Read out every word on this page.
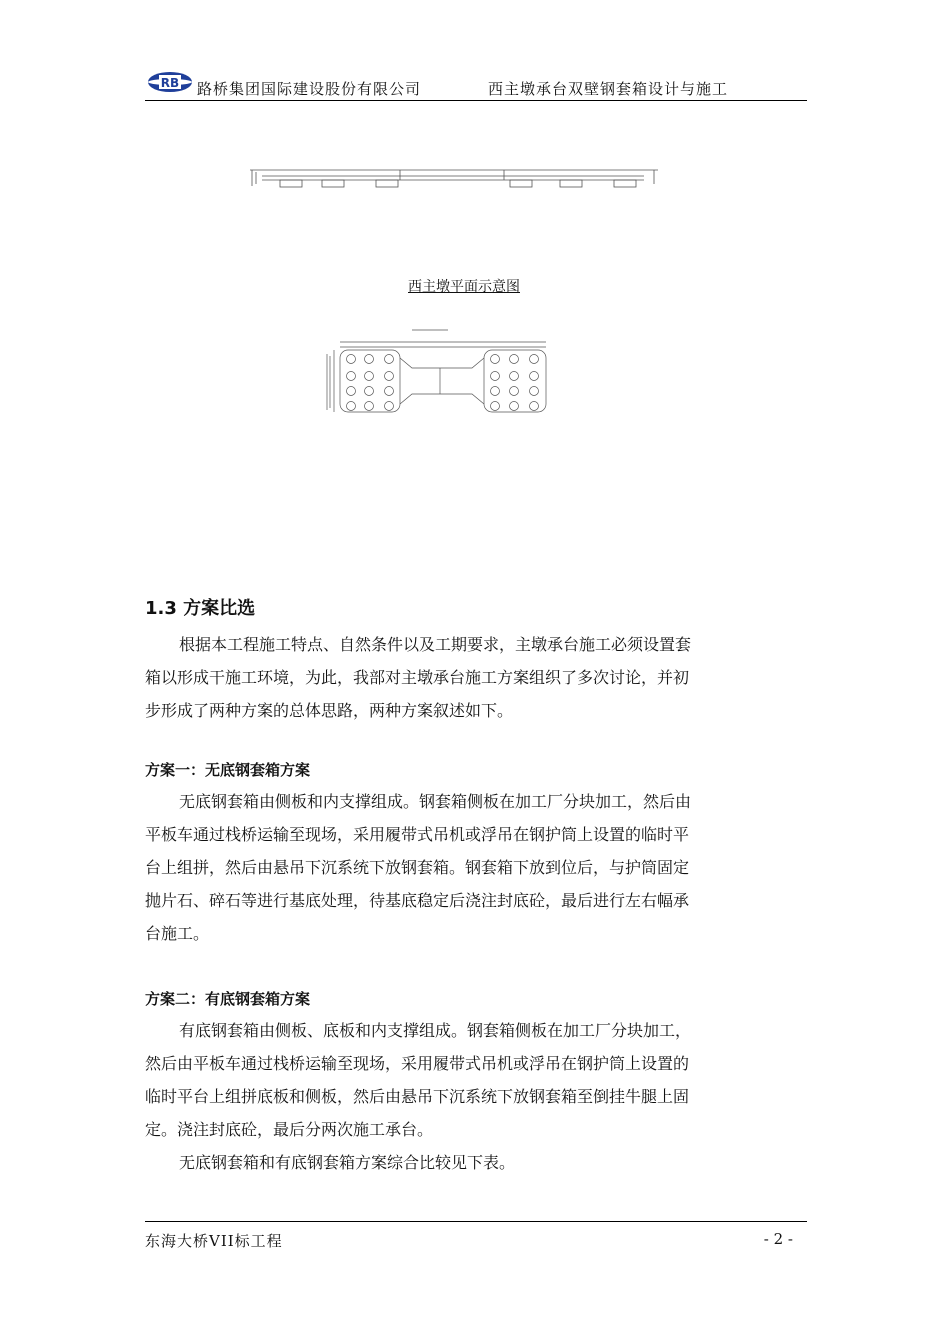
RB 路桥集团国际建设股份有限公司	西主墩承台双壁钢套箱设计与施工
西主墩平面示意图
1.3 方案比选

根据本工程施工特点、自然条件以及工期要求，主墩承台施工必须设置套

箱以形成干施工环境，为此，我部对主墩承台施工方案组织了多次讨论，并初

步形成了两种方案的总体思路，两种方案叙述如下。

方案一：无底钢套箱方案

无底钢套箱由侧板和内支撑组成。钢套箱侧板在加工厂分块加工，然后由

平板车通过栈桥运输至现场，采用履带式吊机或浮吊在钢护筒上设置的临时平

台上组拼，然后由悬吊下沉系统下放钢套箱。钢套箱下放到位后，与护筒固定

抛片石、碎石等进行基底处理，待基底稳定后浇注封底砼，最后进行左右幅承

台施工。

方案二：有底钢套箱方案

有底钢套箱由侧板、底板和内支撑组成。钢套箱侧板在加工厂分块加工，

然后由平板车通过栈桥运输至现场，采用履带式吊机或浮吊在钢护筒上设置的

临时平台上组拼底板和侧板，然后由悬吊下沉系统下放钢套箱至倒挂牛腿上固

定。浇注封底砼，最后分两次施工承台。

无底钢套箱和有底钢套箱方案综合比较见下表。

东海大桥VII标工程	- 2 -
